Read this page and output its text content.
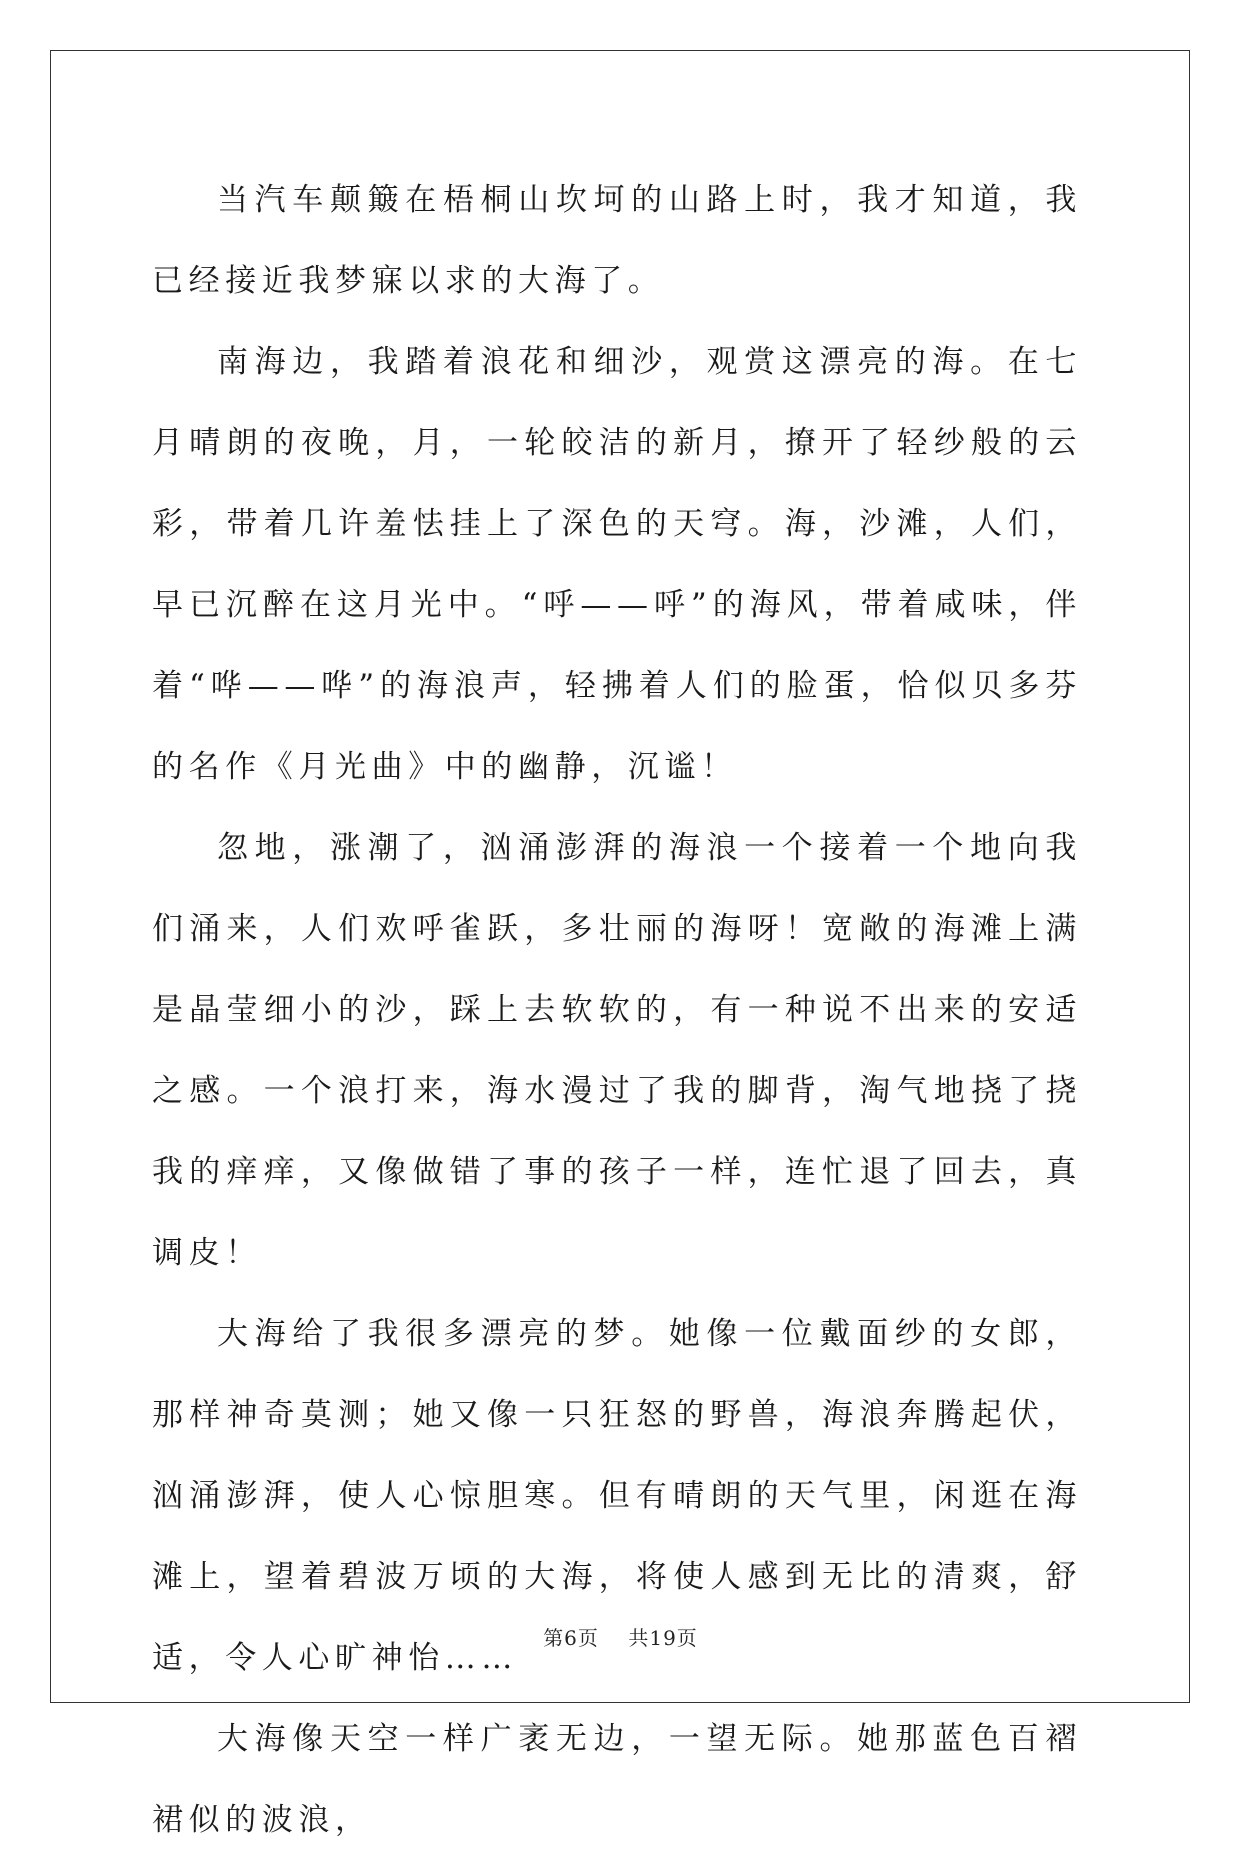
当汽车颠簸在梧桐山坎坷的山路上时，我才知道，我已经接近我梦寐以求的大海了。

南海边，我踏着浪花和细沙，观赏这漂亮的海。在七月晴朗的夜晚，月，一轮皎洁的新月，撩开了轻纱般的云彩，带着几许羞怯挂上了深色的天穹。海，沙滩，人们，早已沉醉在这月光中。“呼——呼”的海风，带着咸味，伴着“哗——哗”的海浪声，轻拂着人们的脸蛋，恰似贝多芬的名作《月光曲》中的幽静，沉谧！

忽地，涨潮了，汹涌澎湃的海浪一个接着一个地向我们涌来，人们欢呼雀跃，多壮丽的海呀！宽敞的海滩上满是晶莹细小的沙，踩上去软软的，有一种说不出来的安适之感。一个浪打来，海水漫过了我的脚背，淘气地挠了挠我的痒痒，又像做错了事的孩子一样，连忙退了回去，真调皮！

大海给了我很多漂亮的梦。她像一位戴面纱的女郎，那样神奇莫测；她又像一只狂怒的野兽，海浪奔腾起伏，汹涌澎湃，使人心惊胆寒。但有晴朗的天气里，闲逛在海滩上，望着碧波万顷的大海，将使人感到无比的清爽，舒适，令人心旷神怡……

大海像天空一样广袤无边，一望无际。她那蓝色百褶裙似的波浪，

第6页 共19页
